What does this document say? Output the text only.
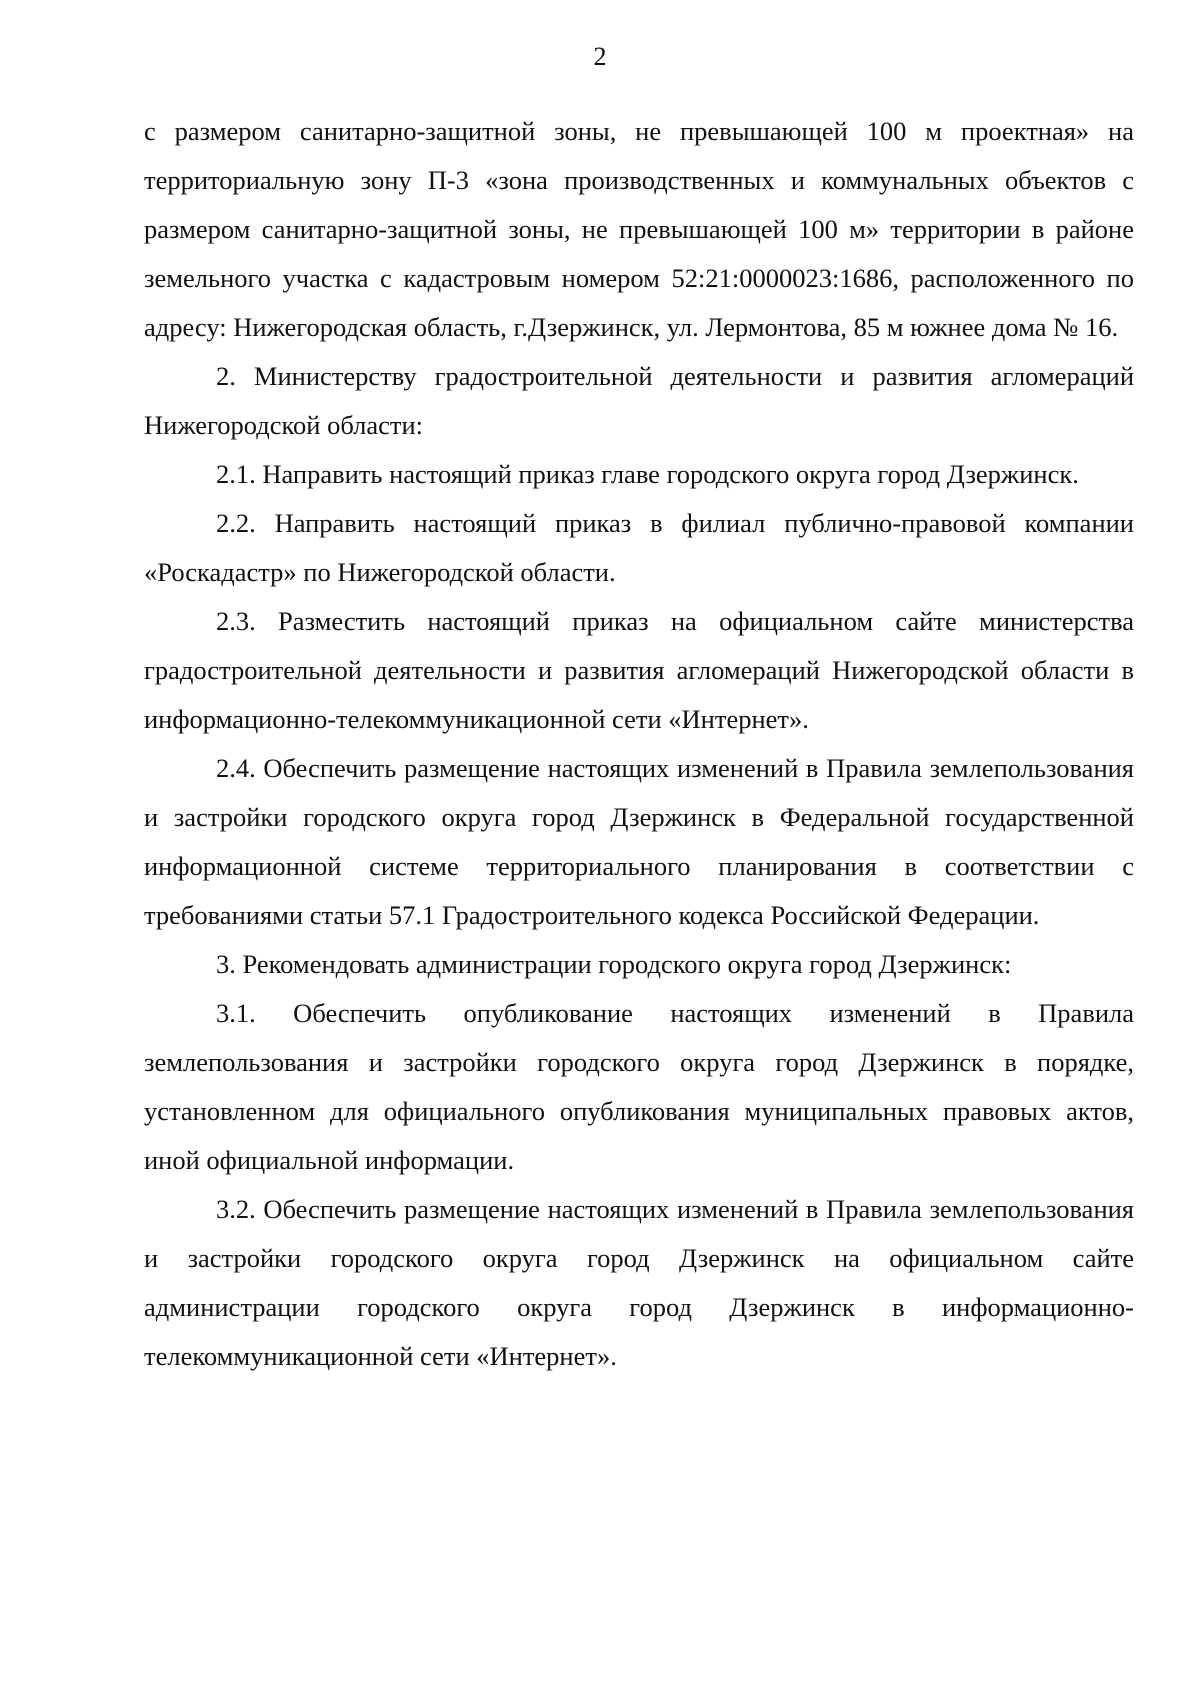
2

с размером санитарно-защитной зоны, не превышающей 100 м проектная» на территориальную зону П-3 «зона производственных и коммунальных объектов с размером санитарно-защитной зоны, не превышающей 100 м» территории в районе земельного участка с кадастровым номером 52:21:0000023:1686, расположенного по адресу: Нижегородская область, г.Дзержинск, ул. Лермонтова, 85 м южнее дома № 16.

2. Министерству градостроительной деятельности и развития агломераций Нижегородской области:

2.1. Направить настоящий приказ главе городского округа город Дзержинск.

2.2. Направить настоящий приказ в филиал публично-правовой компании «Роскадастр» по Нижегородской области.

2.3. Разместить настоящий приказ на официальном сайте министерства градостроительной деятельности и развития агломераций Нижегородской области в информационно-телекоммуникационной сети «Интернет».

2.4. Обеспечить размещение настоящих изменений в Правила землепользования и застройки городского округа город Дзержинск в Федеральной государственной информационной системе территориального планирования в соответствии с требованиями статьи 57.1 Градостроительного кодекса Российской Федерации.

3. Рекомендовать администрации городского округа город Дзержинск:

3.1. Обеспечить опубликование настоящих изменений в Правила землепользования и застройки городского округа город Дзержинск в порядке, установленном для официального опубликования муниципальных правовых актов, иной официальной информации.

3.2. Обеспечить размещение настоящих изменений в Правила землепользования и застройки городского округа город Дзержинск на официальном сайте администрации городского округа город Дзержинск в информационно-телекоммуникационной сети «Интернет».
